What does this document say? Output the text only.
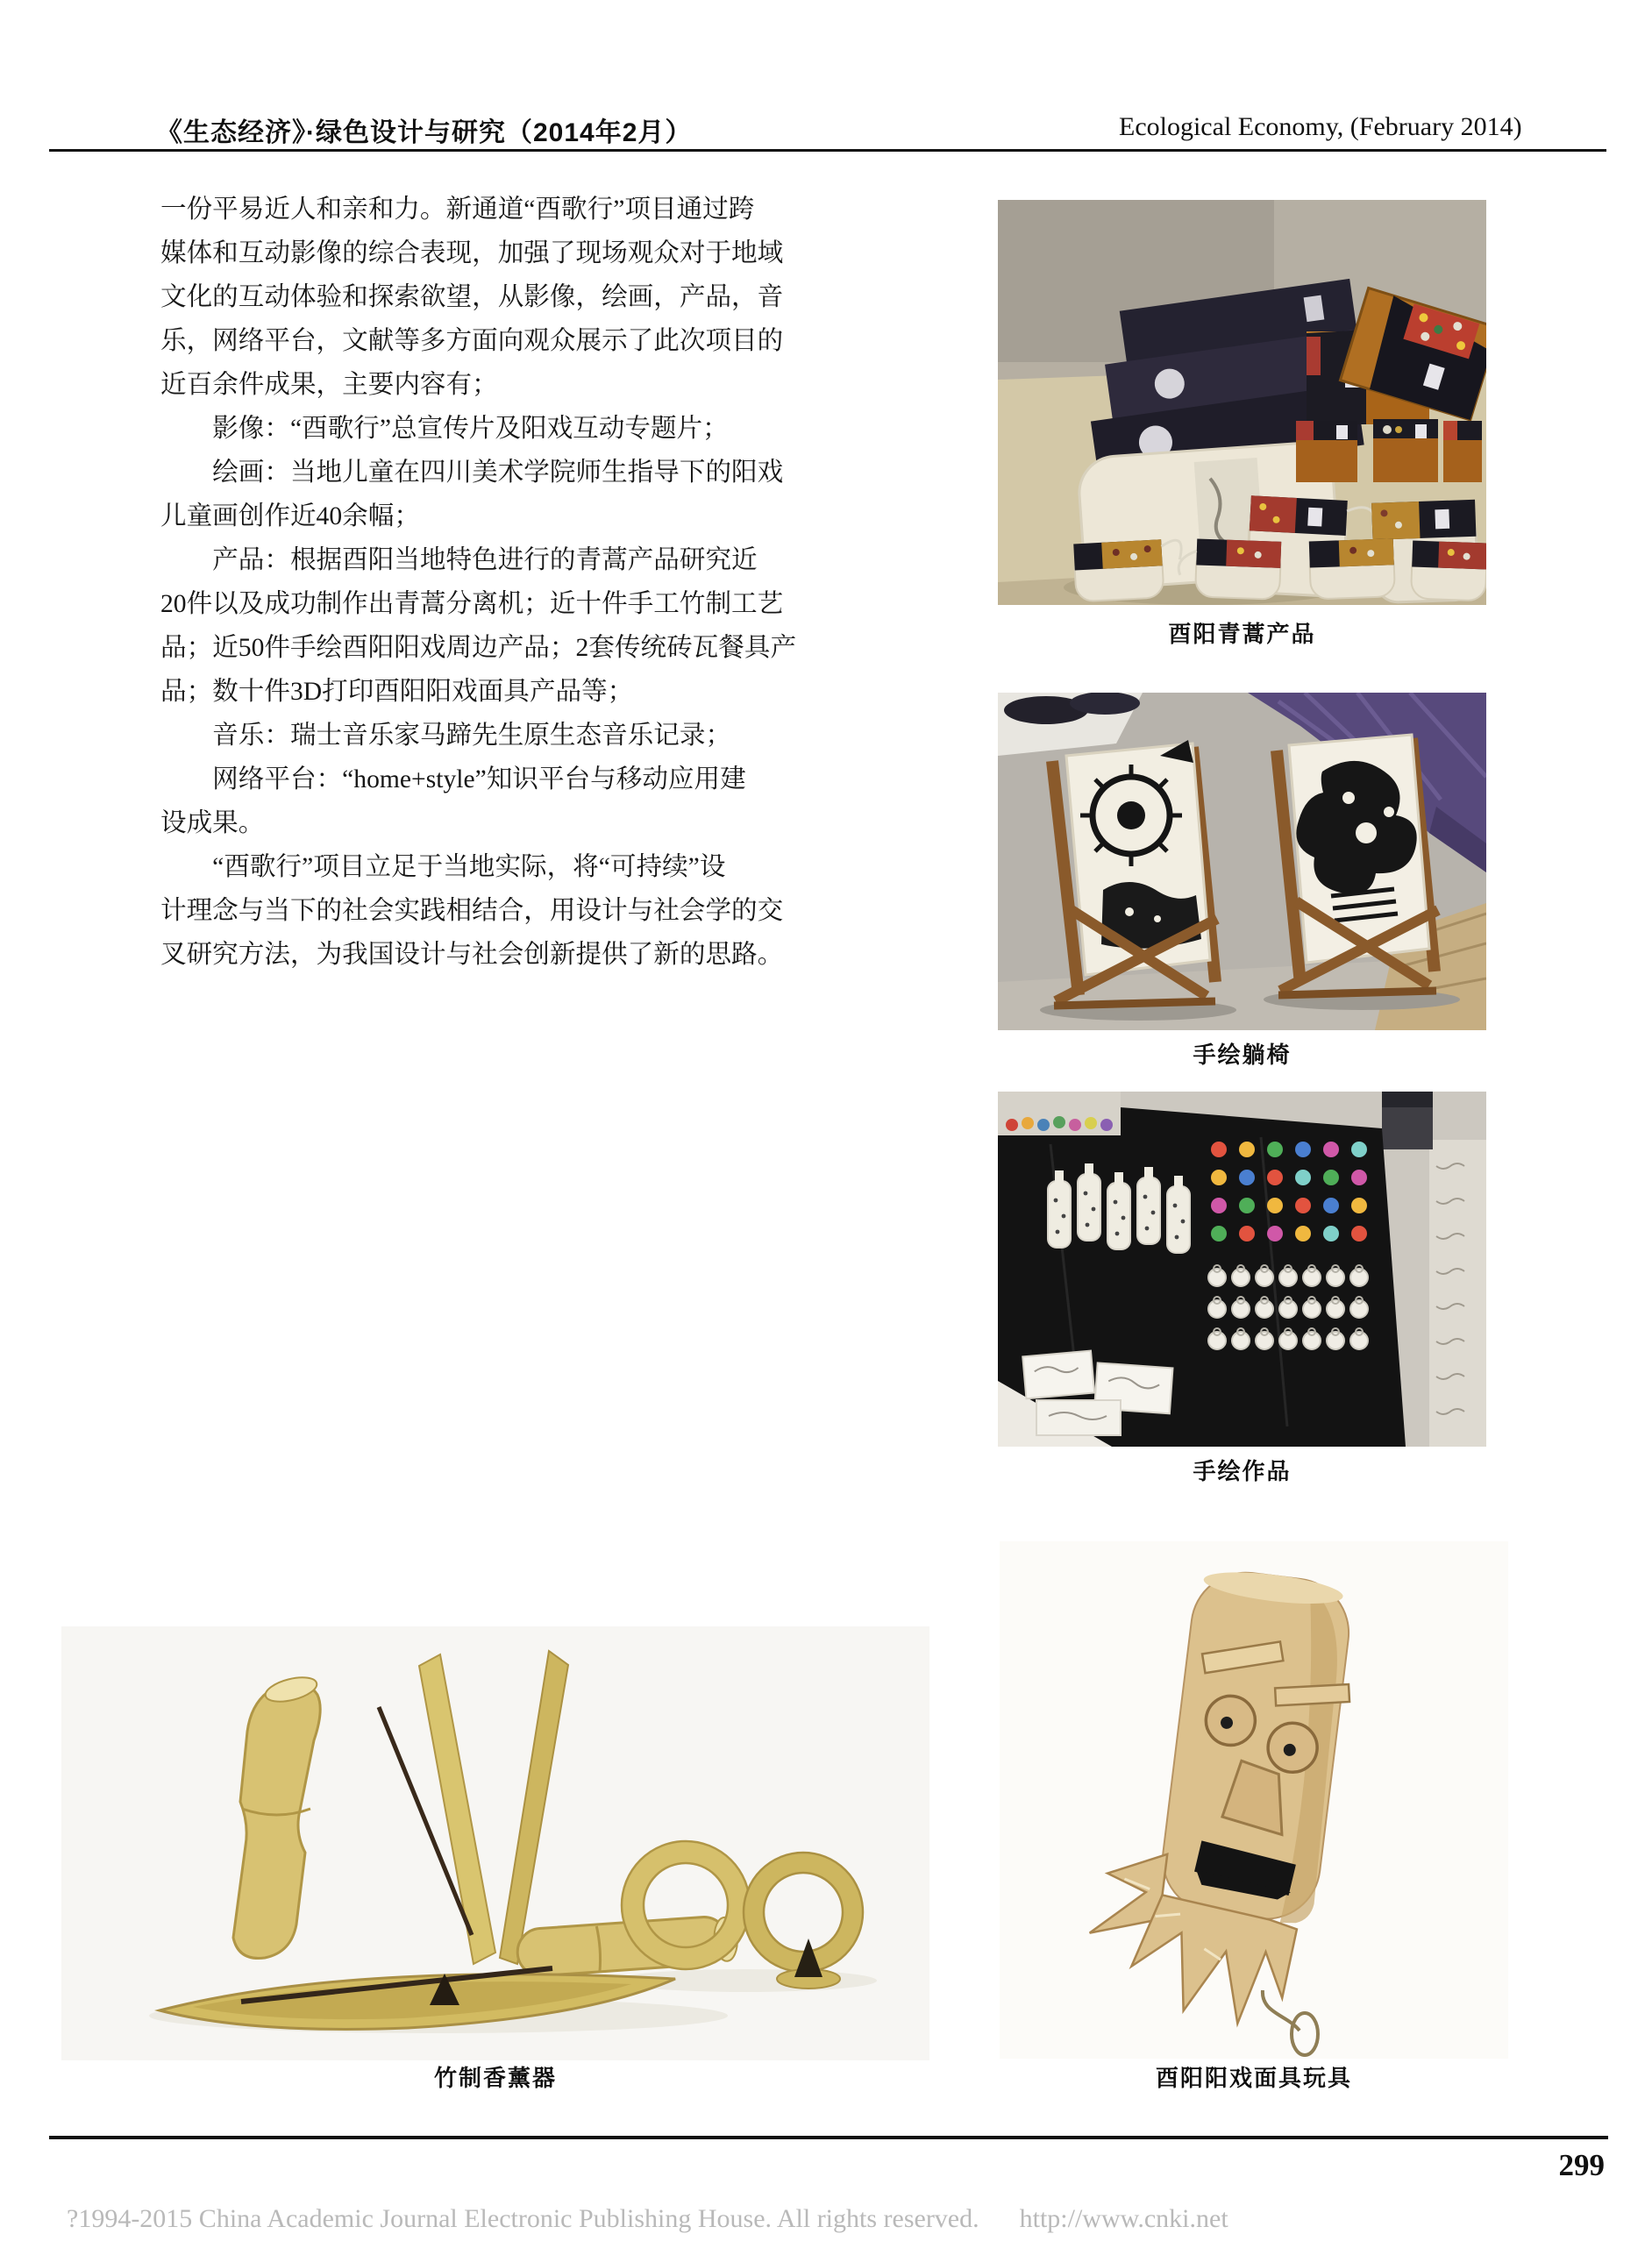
《生态经济》·绿色设计与研究（2014年2月）	Ecological Economy, (February 2014)
一份平易近人和亲和力。新通道“酉歌行”项目通过跨
媒体和互动影像的综合表现，加强了现场观众对于地域
文化的互动体验和探索欲望，从影像，绘画，产品，音
乐，网络平台，文献等多方面向观众展示了此次项目的
近百余件成果，主要内容有；
　　影像：“酉歌行”总宣传片及阳戏互动专题片；
　　绘画：当地儿童在四川美术学院师生指导下的阳戏
儿童画创作近40余幅；
　　产品：根据酉阳当地特色进行的青蒿产品研究近
20件以及成功制作出青蒿分离机；近十件手工竹制工艺
品；近50件手绘酉阳阳戏周边产品；2套传统砖瓦餐具产
品；数十件3D打印酉阳阳戏面具产品等；
　　音乐：瑞士音乐家马蹄先生原生态音乐记录；
　　网络平台：“home+style”知识平台与移动应用建
设成果。
　　“酉歌行”项目立足于当地实际，将“可持续”设
计理念与当下的社会实践相结合，用设计与社会学的交
叉研究方法，为我国设计与社会创新提供了新的思路。
酉阳青蒿产品
手绘躺椅
手绘作品
酉阳阳戏面具玩具
竹制香薰器
299

?1994-2015 China Academic Journal Electronic Publishing House. All rights reserved. http://www.cnki.net
